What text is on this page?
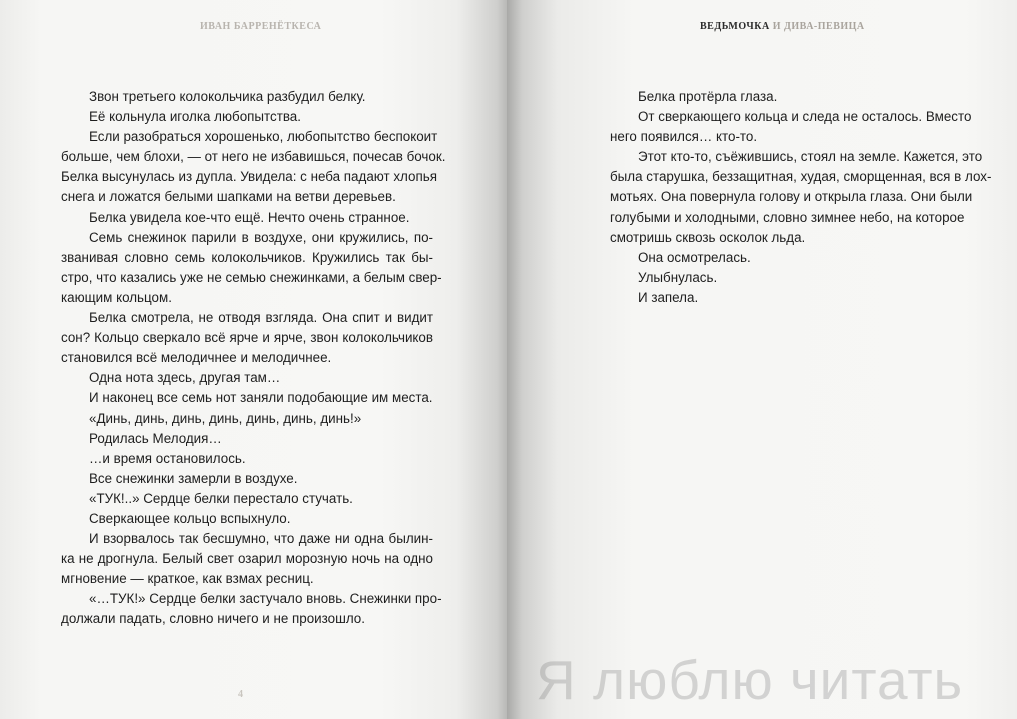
ИВАН БАРРЕНЁТКЕСА
Звон третьего колокольчика разбудил белку.
Её кольнула иголка любопытства.
Если разобраться хорошенько, любопытство беспокоит
больше, чем блохи, — от него не избавишься, почесав бочок.
Белка высунулась из дупла. Увидела: с неба падают хлопья
снега и ложатся белыми шапками на ветви деревьев.
Белка увидела кое-что ещё. Нечто очень странное.
Семь снежинок парили в воздухе, они кружились, по-
званивая словно семь колокольчиков. Кружились так бы-
стро, что казались уже не семью снежинками, а белым свер-
кающим кольцом.
Белка смотрела, не отводя взгляда. Она спит и видит
сон? Кольцо сверкало всё ярче и ярче, звон колокольчиков
становился всё мелодичнее и мелодичнее.
Одна нота здесь, другая там…
И наконец все семь нот заняли подобающие им места.
«Динь, динь, динь, динь, динь, динь, динь!»
Родилась Мелодия…
…и время остановилось.
Все снежинки замерли в воздухе.
«ТУК!..» Сердце белки перестало стучать.
Сверкающее кольцо вспыхнуло.
И взорвалось так бесшумно, что даже ни одна былин-
ка не дрогнула. Белый свет озарил морозную ночь на одно
мгновение — краткое, как взмах ресниц.
«…ТУК!» Сердце белки застучало вновь. Снежинки про-
должали падать, словно ничего и не произошло.
4
ВЕДЬМОЧКА И ДИВА-ПЕВИЦА
Белка протёрла глаза.
От сверкающего кольца и следа не осталось. Вместо
него появился… кто-то.
Этот кто-то, съёжившись, стоял на земле. Кажется, это
была старушка, беззащитная, худая, сморщенная, вся в лох-
мотьях. Она повернула голову и открыла глаза. Они были
голубыми и холодными, словно зимнее небо, на которое
смотришь сквозь осколок льда.
Она осмотрелась.
Улыбнулась.
И запела.
Я люблю читать
